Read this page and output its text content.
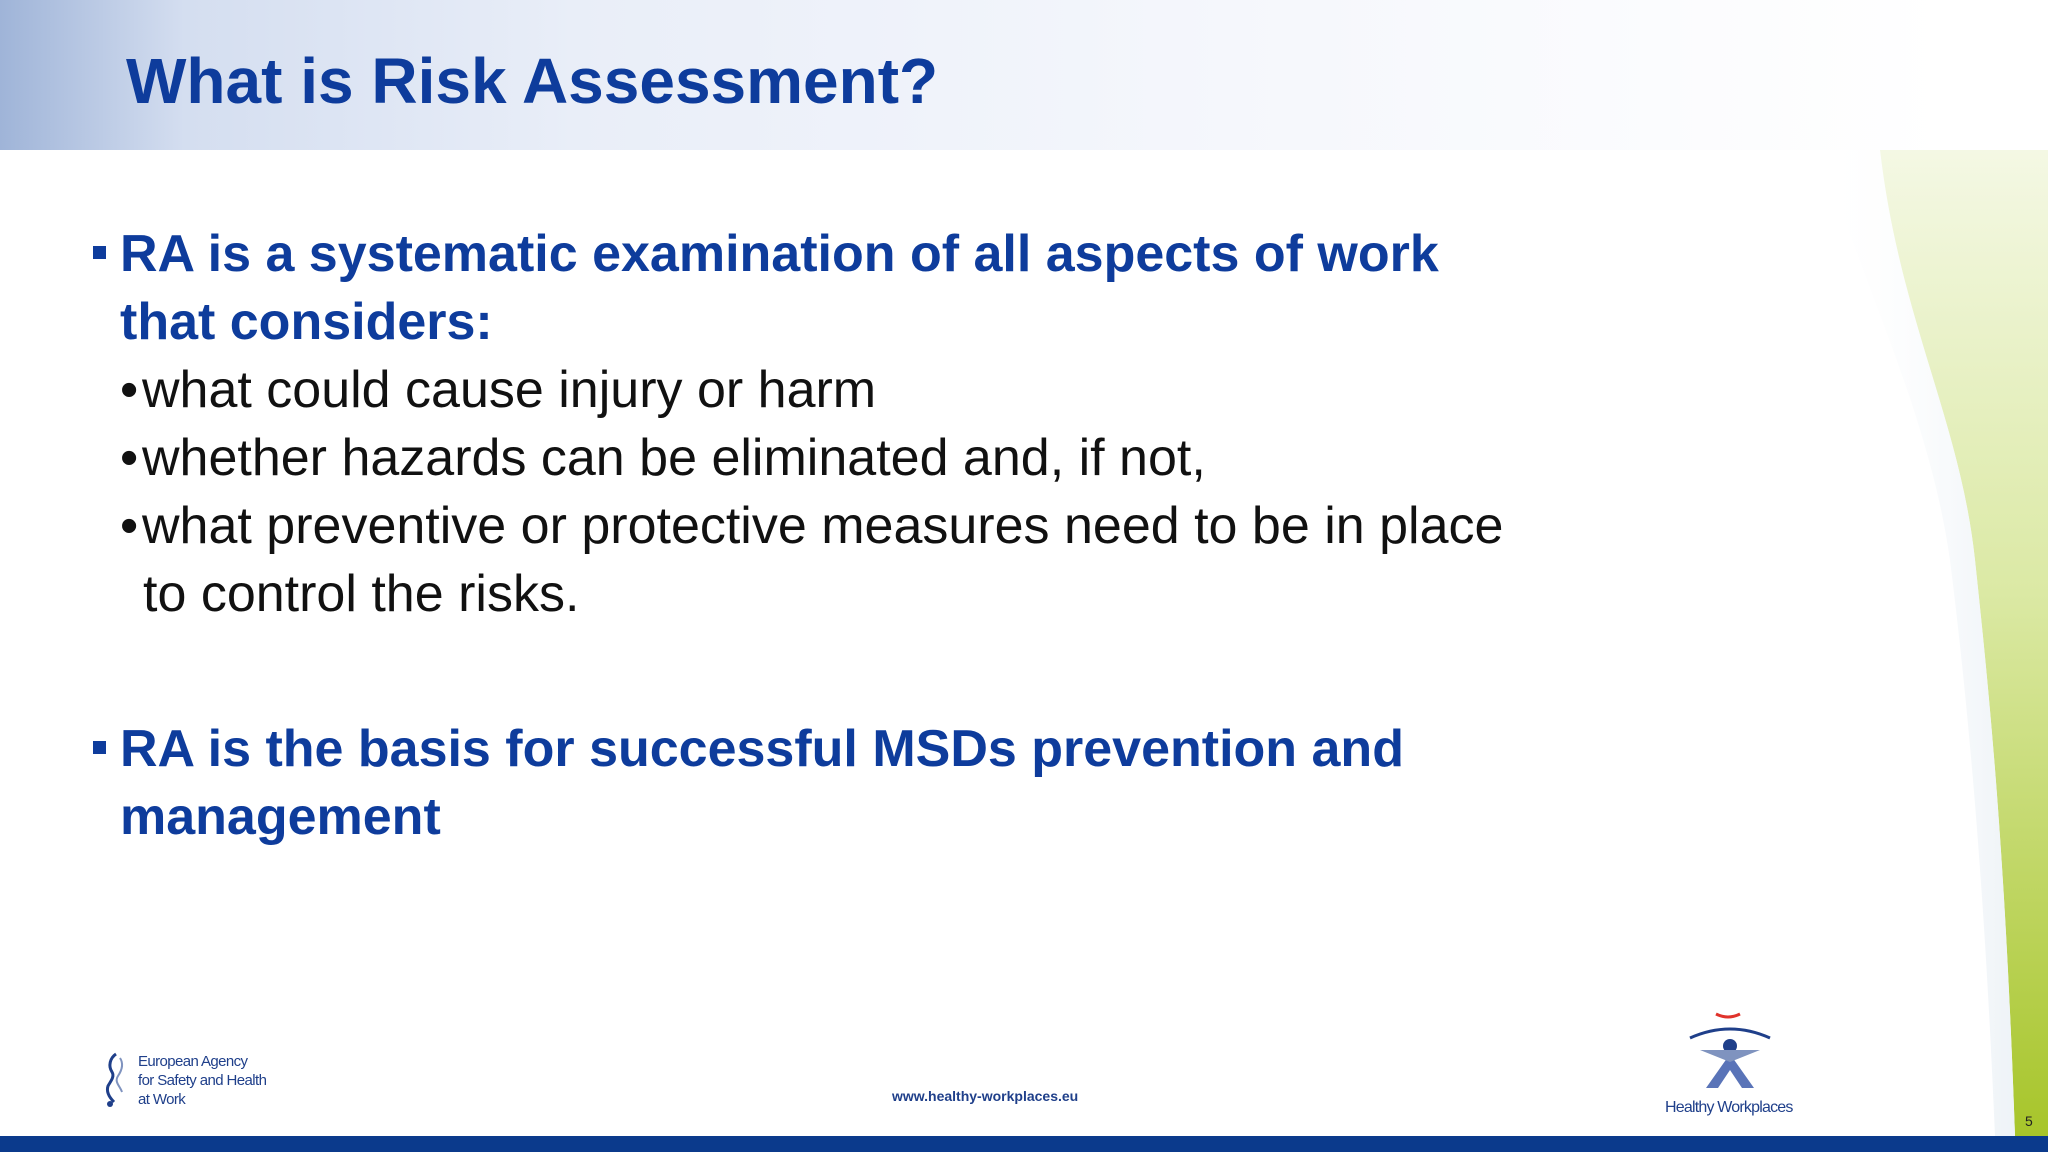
What is Risk Assessment?
RA is a systematic examination of all aspects of work
that considers:
•what could cause injury or harm
•whether hazards can be eliminated and, if not,
•what preventive or protective measures need to be in place
to control the risks.
RA is the basis for successful MSDs prevention and
management
European Agency
for Safety and Health
at Work	www.healthy-workplaces.eu
Healthy Workplaces
5
